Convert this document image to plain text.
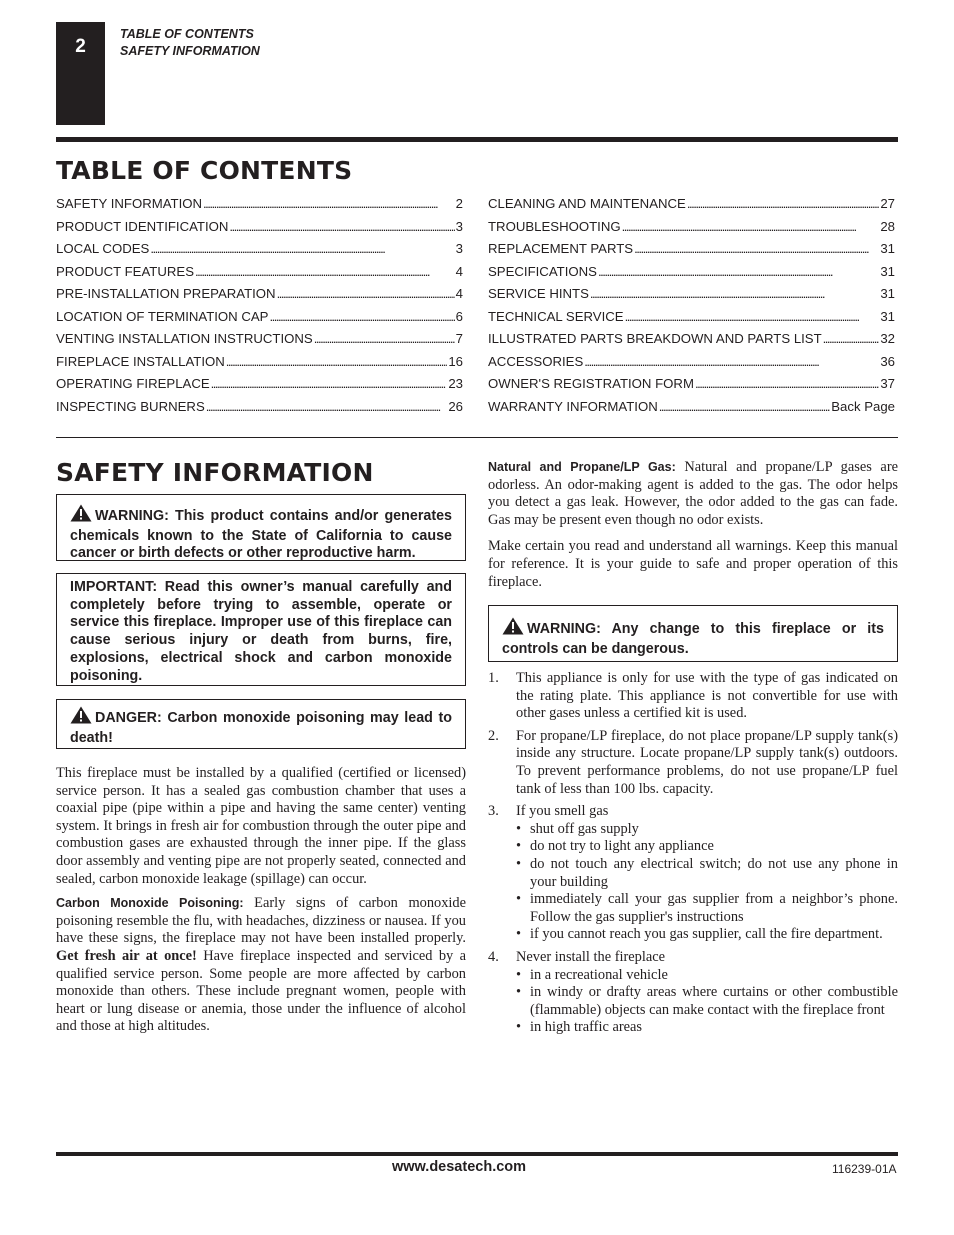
2
TABLE OF CONTENTS
SAFETY INFORMATION
TABLE OF CONTENTS
SAFETY INFORMATION . . .	2
PRODUCT IDENTIFICATION . . .	3
LOCAL CODES . . .	3
PRODUCT FEATURES . . .	4
PRE-INSTALLATION PREPARATION . . .	4
LOCATION OF TERMINATION CAP . . .	6
VENTING INSTALLATION INSTRUCTIONS . . .	7
FIREPLACE INSTALLATION . . .	16
OPERATING FIREPLACE . . .	23
INSPECTING BURNERS . . .	26
CLEANING AND MAINTENANCE . . .	27
TROUBLESHOOTING . . .	28
REPLACEMENT PARTS . . .	31
SPECIFICATIONS . . .	31
SERVICE HINTS . . .	31
TECHNICAL SERVICE . . .	31
ILLUSTRATED PARTS BREAKDOWN AND PARTS LIST . . .	32
ACCESSORIES . . .	36
OWNER'S REGISTRATION FORM . . .	37
WARRANTY INFORMATION . . .	Back Page
SAFETY INFORMATION
WARNING: This product contains and/or generates chemicals known to the State of California to cause cancer or birth defects or other reproductive harm.
IMPORTANT: Read this owner’s manual carefully and completely before trying to assemble, operate or service this fireplace. Improper use of this fireplace can cause serious injury or death from burns, fire, explosions, electrical shock and carbon monoxide poisoning.
DANGER: Carbon monoxide poisoning may lead to death!

This fireplace must be installed by a qualified (certified or licensed) service person. It has a sealed gas combustion chamber that uses a coaxial pipe (pipe within a pipe and having the same center) venting system. It brings in fresh air for combustion through the outer pipe and combustion gases are exhausted through the inner pipe. If the glass door assembly and venting pipe are not properly seated, connected and sealed, carbon monoxide leakage (spillage) can occur.

Carbon Monoxide Poisoning: Early signs of carbon monoxide poisoning resemble the flu, with headaches, dizziness or nausea. If you have these signs, the fireplace may not have been installed properly. Get fresh air at once! Have fireplace inspected and serviced by a qualified service person. Some people are more affected by carbon monoxide than others. These include pregnant women, people with heart or lung disease or anemia, those under the influence of alcohol and those at high altitudes.

Natural and Propane/LP Gas: Natural and propane/LP gases are odorless. An odor-making agent is added to the gas. The odor helps you detect a gas leak. However, the odor added to the gas can fade. Gas may be present even though no odor exists.

Make certain you read and understand all warnings. Keep this manual for reference. It is your guide to safe and proper operation of this fireplace.

WARNING: Any change to this fireplace or its controls can be dangerous.
1. This appliance is only for use with the type of gas indicated on the rating plate. This appliance is not convertible for use with other gases unless a certified kit is used.
2. For propane/LP fireplace, do not place propane/LP supply tank(s) inside any structure. Locate propane/LP supply tank(s) outdoors. To prevent performance problems, do not use propane/LP fuel tank of less than 100 lbs. capacity.
3. If you smell gas
• shut off gas supply
• do not try to light any appliance
• do not touch any electrical switch; do not use any phone in your building
• immediately call your gas supplier from a neighbor’s phone. Follow the gas supplier's instructions
• if you cannot reach you gas supplier, call the fire department.
4. Never install the fireplace
• in a recreational vehicle
• in windy or drafty areas where curtains or other combustible (flammable) objects can make contact with the fireplace front
• in high traffic areas
www.desatech.com	116239-01A
